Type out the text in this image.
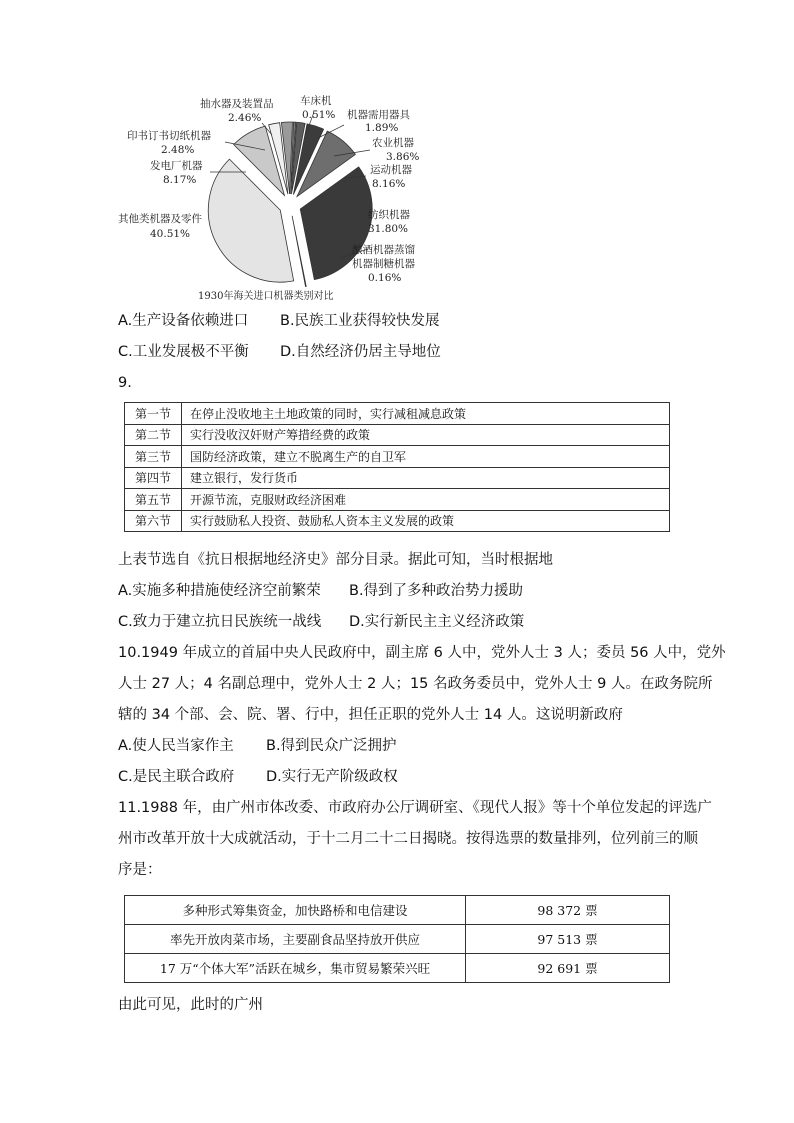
抽水器及装置品
2.46%
车床机
0.51% 机器需用器具
1.89%
印书订书切纸机器
2.48%
农业机器
3.86%
发电厂机器
8.17%
运动机器
8.16%
其他类机器及零件
40.51%
纺织机器
31.80%
酿酒机器蒸馏
机器制糖机器
0.16%
1930年海关进口机器类别对比
A.生产设备依赖进口 B.民族工业获得较快发展
C.工业发展极不平衡 D.自然经济仍居主导地位
9.
第一节	在停止没收地主土地政策的同时，实行减租减息政策
第二节	实行没收汉奸财产筹措经费的政策
第三节	国防经济政策，建立不脱离生产的自卫军
第四节	建立银行，发行货币
第五节	开源节流，克服财政经济困难
第六节	实行鼓励私人投资、鼓励私人资本主义发展的政策
上表节选自《抗日根据地经济史》部分目录。据此可知，当时根据地
A.实施多种措施使经济空前繁荣 B.得到了多种政治势力援助
C.致力于建立抗日民族统一战线 D.实行新民主主义经济政策
10.1949 年成立的首届中央人民政府中，副主席 6 人中，党外人士 3 人；委员 56 人中，党外
人士 27 人；4 名副总理中，党外人士 2 人；15 名政务委员中，党外人士 9 人。在政务院所
辖的 34 个部、会、院、署、行中，担任正职的党外人士 14 人。这说明新政府
A.使人民当家作主 B.得到民众广泛拥护
C.是民主联合政府 D.实行无产阶级政权
11.1988 年，由广州市体改委、市政府办公厅调研室、《现代人报》等十个单位发起的评选广
州市改革开放十大成就活动，于十二月二十二日揭晓。按得选票的数量排列，位列前三的顺
序是：
多种形式筹集资金，加快路桥和电信建设	98 372 票
率先开放肉菜市场，主要副食品坚持放开供应	97 513 票
17 万“个体大军”活跃在城乡，集市贸易繁荣兴旺	92 691 票
由此可见，此时的广州
